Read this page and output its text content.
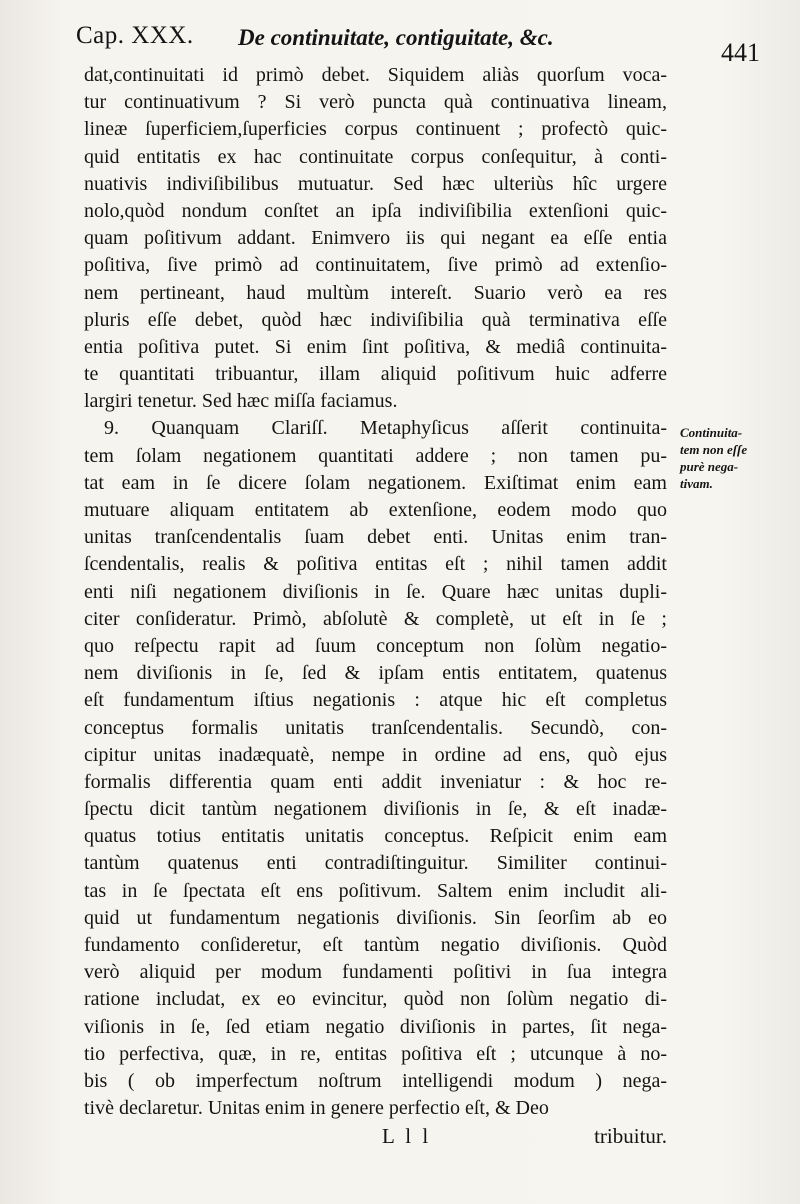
Cap. XXX. De continuitate, contiguitate, &c.
441
dat,continuitati id primò debet. Siquidem aliàs quorſum voca-
tur continuativum ? Si verò puncta quà continuativa lineam,
lineæ ſuperficiem,ſuperficies corpus continuent ; profectò quic-
quid entitatis ex hac continuitate corpus conſequitur, à conti-
nuativis indiviſibilibus mutuatur. Sed hæc ulteriùs hîc urgere
nolo,quòd nondum conſtet an ipſa indiviſibilia extenſioni quic-
quam poſitivum addant. Enimvero iis qui negant ea eſſe entia
poſitiva, ſive primò ad continuitatem, ſive primò ad extenſio-
nem pertineant, haud multùm intereſt. Suario verò ea res
pluris eſſe debet, quòd hæc indiviſibilia quà terminativa eſſe
entia poſitiva putet. Si enim ſint poſitiva, & mediâ continuita-
te quantitati tribuantur, illam aliquid poſitivum huic adferre
largiri tenetur. Sed hæc miſſa faciamus.
9. Quanquam Clariſſ. Metaphyſicus aſſerit continuita-
tem ſolam negationem quantitati addere ; non tamen pu-
tat eam in ſe dicere ſolam negationem. Exiſtimat enim eam
mutuare aliquam entitatem ab extenſione, eodem modo quo
unitas tranſcendentalis ſuam debet enti. Unitas enim tran-
ſcendentalis, realis & poſitiva entitas eſt ; nihil tamen addit
enti niſi negationem diviſionis in ſe. Quare hæc unitas dupli-
citer conſideratur. Primò, abſolutè & completè, ut eſt in ſe ;
quo reſpectu rapit ad ſuum conceptum non ſolùm negatio-
nem diviſionis in ſe, ſed & ipſam entis entitatem, quatenus
eſt fundamentum iſtius negationis : atque hic eſt completus
conceptus formalis unitatis tranſcendentalis. Secundò, con-
cipitur unitas inadæquatè, nempe in ordine ad ens, quò ejus
formalis differentia quam enti addit inveniatur : & hoc re-
ſpectu dicit tantùm negationem diviſionis in ſe, & eſt inadæ-
quatus totius entitatis unitatis conceptus. Reſpicit enim eam
tantùm quatenus enti contradiſtinguitur. Similiter continui-
tas in ſe ſpectata eſt ens poſitivum. Saltem enim includit ali-
quid ut fundamentum negationis diviſionis. Sin ſeorſim ab eo
fundamento conſideretur, eſt tantùm negatio diviſionis. Quòd
verò aliquid per modum fundamenti poſitivi in ſua integra
ratione includat, ex eo evincitur, quòd non ſolùm negatio di-
viſionis in ſe, ſed etiam negatio diviſionis in partes, ſit nega-
tio perfectiva, quæ, in re, entitas poſitiva eſt ; utcunque à no-
bis ( ob imperfectum noſtrum intelligendi modum ) nega-
tivè declaretur. Unitas enim in genere perfectio eſt, & Deo
Continuita-
tem non eſſe
purè nega-
tivam.
L l l	tribuitur.
